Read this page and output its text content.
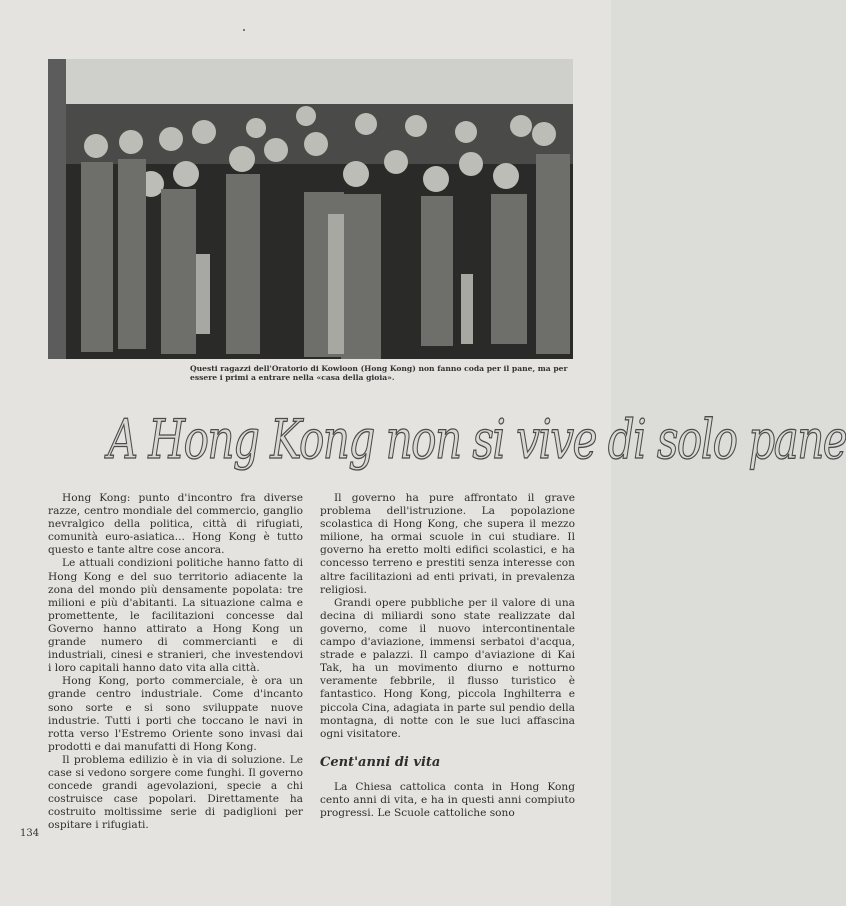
Questi ragazzi dell'Oratorio di Kowloon (Hong Kong) non fanno coda per il pane, ma per essere i primi a entrare nella «casa della gioia».
A Hong Kong non si vive di solo pane

Hong Kong: punto d'incontro fra diverse razze, centro mondiale del commercio, ganglio nevralgico della politica, città di rifugiati, comunità euro-asiatica... Hong Kong è tutto questo e tante altre cose ancora.

Le attuali condizioni politiche hanno fatto di Hong Kong e del suo territorio adiacente la zona del mondo più densamente popolata: tre milioni e più d'abitanti. La situazione calma e promettente, le facilitazioni concesse dal Governo hanno attirato a Hong Kong un grande numero di commercianti e di industriali, cinesi e stranieri, che investendovi i loro capitali hanno dato vita alla città.

Hong Kong, porto commerciale, è ora un grande centro industriale. Come d'incanto sono sorte e si sono sviluppate nuove industrie. Tutti i porti che toccano le navi in rotta verso l'Estremo Oriente sono invasi dai prodotti e dai manufatti di Hong Kong.

Il problema edilizio è in via di soluzione. Le case si vedono sorgere come funghi. Il governo concede grandi agevolazioni, specie a chi costruisce case popolari. Direttamente ha costruito moltissime serie di padiglioni per ospitare i rifugiati.

Il governo ha pure affrontato il grave problema dell'istruzione. La popolazione scolastica di Hong Kong, che supera il mezzo milione, ha ormai scuole in cui studiare. Il governo ha eretto molti edifici scolastici, e ha concesso terreno e prestiti senza interesse con altre facilitazioni ad enti privati, in prevalenza religiosi.

Grandi opere pubbliche per il valore di una decina di miliardi sono state realizzate dal governo, come il nuovo intercontinentale campo d'aviazione, immensi serbatoi d'acqua, strade e palazzi. Il campo d'aviazione di Kai Tak, ha un movimento diurno e notturno veramente febbrile, il flusso turistico è fantastico. Hong Kong, piccola Inghilterra e piccola Cina, adagiata in parte sul pendio della montagna, di notte con le sue luci affascina ogni visitatore.

Cent'anni di vita

La Chiesa cattolica conta in Hong Kong cento anni di vita, e ha in questi anni compiuto progressi. Le Scuole cattoliche sono

134
